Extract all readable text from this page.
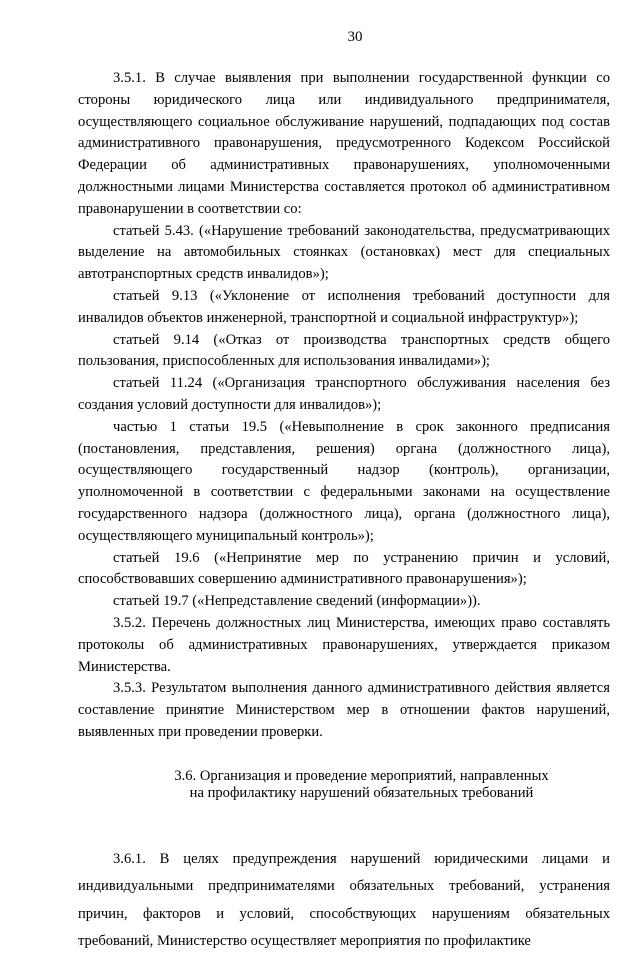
30

3.5.1. В случае выявления при выполнении государственной функции со стороны юридического лица или индивидуального предпринимателя, осуществляющего социальное обслуживание нарушений, подпадающих под состав административного правонарушения, предусмотренного Кодексом Российской Федерации об административных правонарушениях, уполномоченными должностными лицами Министерства составляется протокол об административном правонарушении в соответствии со:

статьей 5.43. («Нарушение требований законодательства, предусматривающих выделение на автомобильных стоянках (остановках) мест для специальных автотранспортных средств инвалидов»);

статьей 9.13 («Уклонение от исполнения требований доступности для инвалидов объектов инженерной, транспортной и социальной инфраструктур»);

статьей 9.14 («Отказ от производства транспортных средств общего пользования, приспособленных для использования инвалидами»);

статьей 11.24 («Организация транспортного обслуживания населения без создания условий доступности для инвалидов»);

частью 1 статьи 19.5 («Невыполнение в срок законного предписания (постановления, представления, решения) органа (должностного лица), осуществляющего государственный надзор (контроль), организации, уполномоченной в соответствии с федеральными законами на осуществление государственного надзора (должностного лица), органа (должностного лица), осуществляющего муниципальный контроль»);

статьей 19.6 («Непринятие мер по устранению причин и условий, способствовавших совершению административного правонарушения»);

статьей 19.7 («Непредставление сведений (информации»)).

3.5.2. Перечень должностных лиц Министерства, имеющих право составлять протоколы об административных правонарушениях, утверждается приказом Министерства.

3.5.3. Результатом выполнения данного административного действия является составление принятие Министерством мер в отношении фактов нарушений, выявленных при проведении проверки.

3.6. Организация и проведение мероприятий, направленных
на профилактику нарушений обязательных требований

3.6.1. В целях предупреждения нарушений юридическими лицами и индивидуальными предпринимателями обязательных требований, устранения причин, факторов и условий, способствующих нарушениям обязательных требований, Министерство осуществляет мероприятия по профилактике
